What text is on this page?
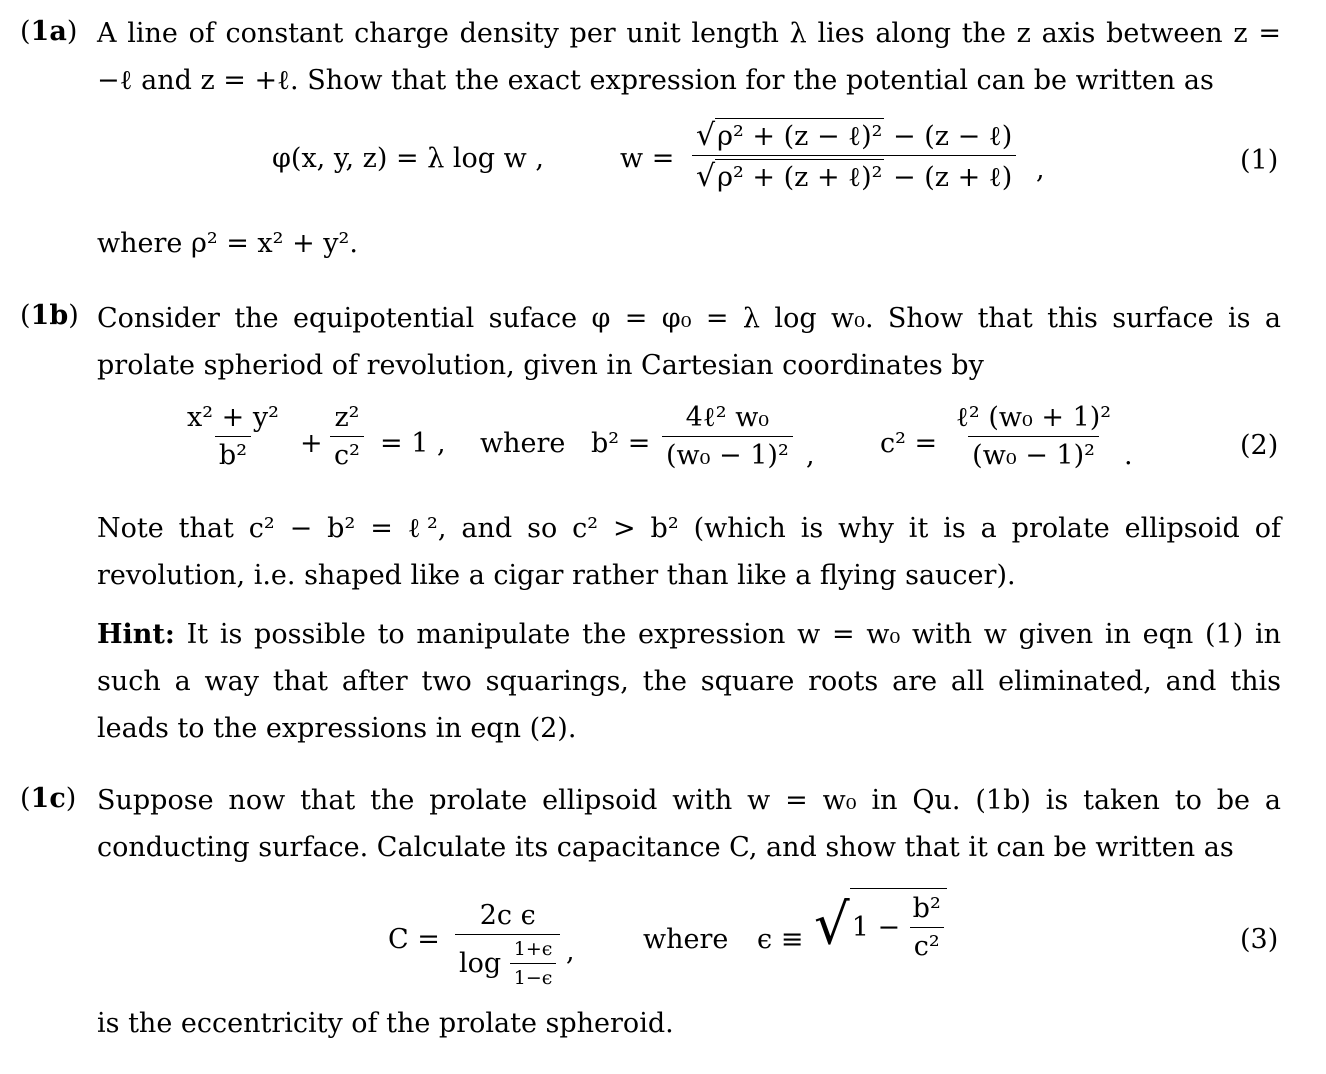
(1a) A line of constant charge density per unit length λ lies along the z axis between z = −ℓ and z = +ℓ. Show that the exact expression for the potential can be written as
φ(x, y, z) = λ log w ,	$w = \frac{\text{√ρ² + (z − ℓ)² − (z − ℓ)}}{\text{√ρ² + (z + ℓ)² − (z + ℓ)}}$ ,	(1)
where ρ² = x² + y².
(1b) Consider the equipotential suface φ = φ₀ = λ log w₀. Show that this surface is a prolate spheriod of revolution, given in Cartesian coordinates by
$\frac{\text{x² + y²}}{\text{b²}} + \frac{\text{z²}}{\text{c²}} = 1$ , where $b^2 = \frac{\text{4ℓ² w₀}}{\text{(w₀ − 1)²}}$ , $c^2 = \frac{\text{ℓ² (w₀ + 1)²}}{\text{(w₀ − 1)²}}$ .	(2)
Note that c² − b² = ℓ², and so c² > b² (which is why it is a prolate ellipsoid of revolution, i.e. shaped like a cigar rather than like a flying saucer).
Hint: It is possible to manipulate the expression w = w₀ with w given in eqn (1) in such a way that after two squarings, the square roots are all eliminated, and this leads to the expressions in eqn (2).
(1c) Suppose now that the prolate ellipsoid with w = w₀ in Qu. (1b) is taken to be a conducting surface. Calculate its capacitance C, and show that it can be written as
C = 2c ϵ
log
$\frac{1+\epsilon}{1-\epsilon}$ ,	where ϵ ≡ √ 1 −
$\frac{\text{b²}}{\text{c²}}$	(3)
is the eccentricity of the prolate spheroid.
